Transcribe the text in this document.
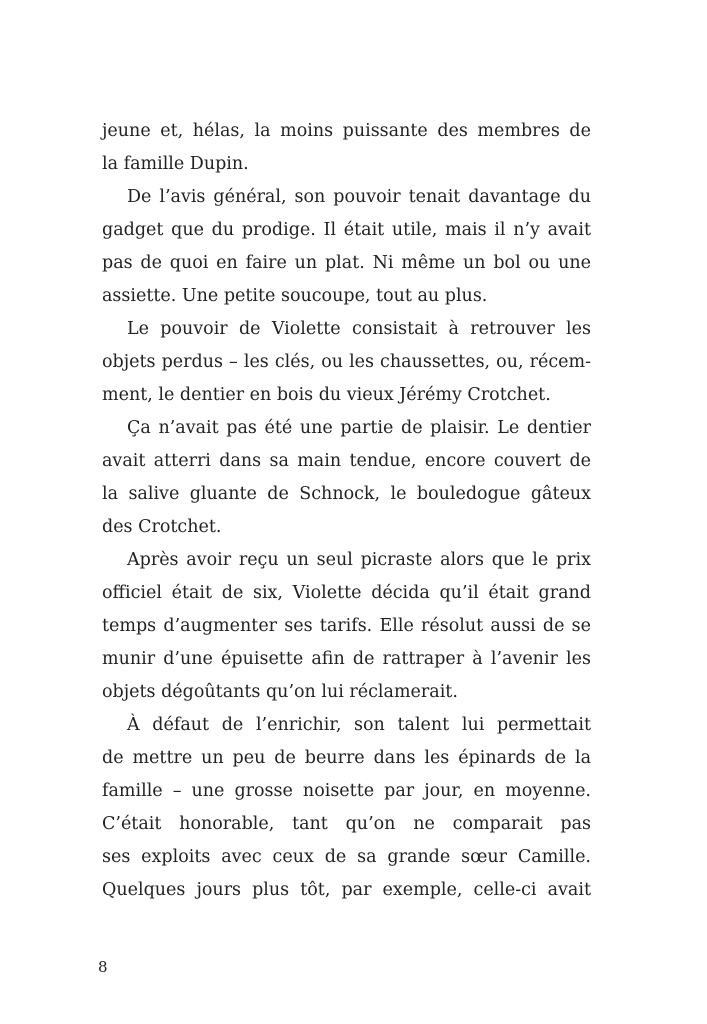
jeune et, hélas, la moins puissante des membres de
la famille Dupin.
De l’avis général, son pouvoir tenait davantage du
gadget que du prodige. Il était utile, mais il n’y avait
pas de quoi en faire un plat. Ni même un bol ou une
assiette. Une petite soucoupe, tout au plus.
Le pouvoir de Violette consistait à retrouver les
objets perdus – les clés, ou les chaussettes, ou, récem-
ment, le dentier en bois du vieux Jérémy Crotchet.
Ça n’avait pas été une partie de plaisir. Le dentier
avait atterri dans sa main tendue, encore couvert de
la salive gluante de Schnock, le bouledogue gâteux
des Crotchet.
Après avoir reçu un seul picraste alors que le prix
officiel était de six, Violette décida qu’il était grand
temps d’augmenter ses tarifs. Elle résolut aussi de se
munir d’une épuisette afin de rattraper à l’avenir les
objets dégoûtants qu’on lui réclamerait.
À défaut de l’enrichir, son talent lui permettait
de mettre un peu de beurre dans les épinards de la
famille – une grosse noisette par jour, en moyenne.
C’était honorable, tant qu’on ne comparait pas
ses exploits avec ceux de sa grande sœur Camille.
Quelques jours plus tôt, par exemple, celle-ci avait
8
